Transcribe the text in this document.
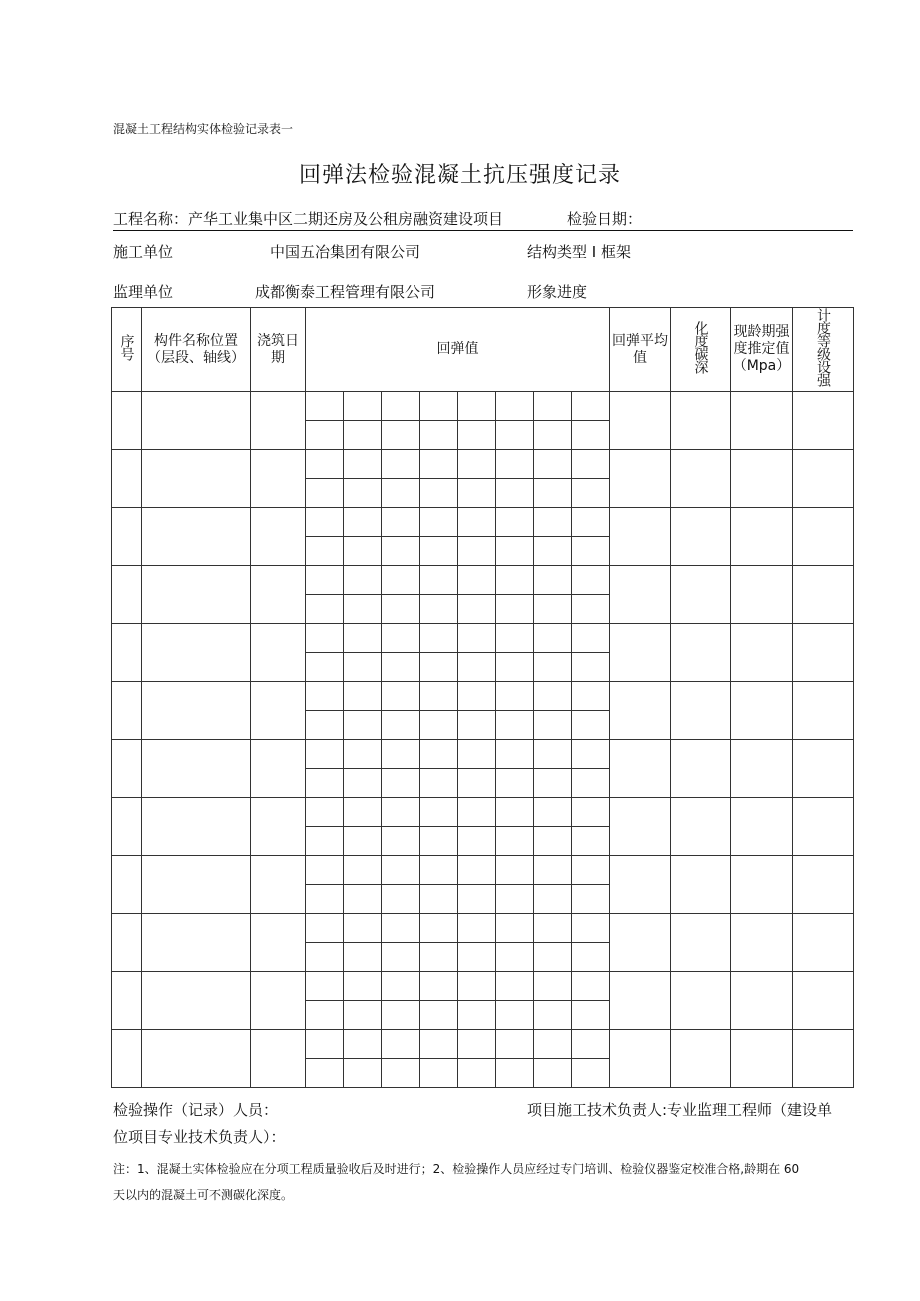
混凝土工程结构实体检验记录表一
回弹法检验混凝土抗压强度记录
工程名称：产华工业集中区二期还房及公租房融资建设项目	检验日期：
施工单位	中国五冶集团有限公司	结构类型 I 框架
监理单位	成都衡泰工程管理有限公司	形象进度
序号	构件名称位置（层段、轴线）	浇筑日期	回弹值								回弹平均值	化度碳深	现龄期强度推定值（Mpa）	计度等级设强

检验操作（记录）人员：	项目施工技术负责人:专业监理工程师（建设单
位项目专业技术负责人）：
注：1、混凝土实体检验应在分项工程质量验收后及时进行；2、检验操作人员应经过专门培训、检验仪器鉴定校准合格,龄期在 60
天以内的混凝土可不测碳化深度。
